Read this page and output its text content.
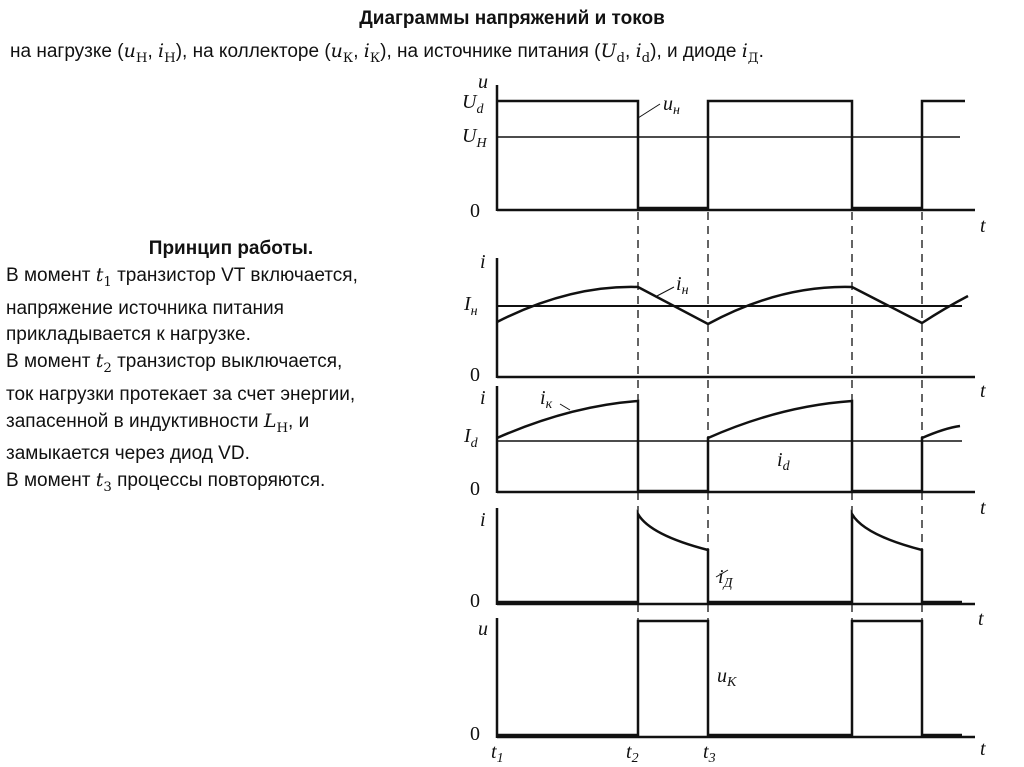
Диаграммы напряжений и токов
на нагрузке ($u_Н$, $i_Н$), на коллекторе ($u_К$, $i_К$), на источнике питания ($U_d$, $i_d$), и диоде $i_Д$.
Принцип работы.
В момент $t_1$ транзистор VT включается,
напряжение источника питания
прикладывается к нагрузке.
В момент $t_2$ транзистор выключается,
ток нагрузки протекает за счет энергии,
запасенной в индуктивности $L_Н$, и
замыкается через диод VD.
В момент $t_3$ процессы повторяются.
u
$U_d$
$U_Н$
0
t
$u_н$
i
$I_н$
0
t
$i_н$
i
$I_d$
0
t
$i_к$
$i_d$
i
0
t
$i_Д$
u
0
t
$u_К$
$t_1$	$t_2$	$t_3$
